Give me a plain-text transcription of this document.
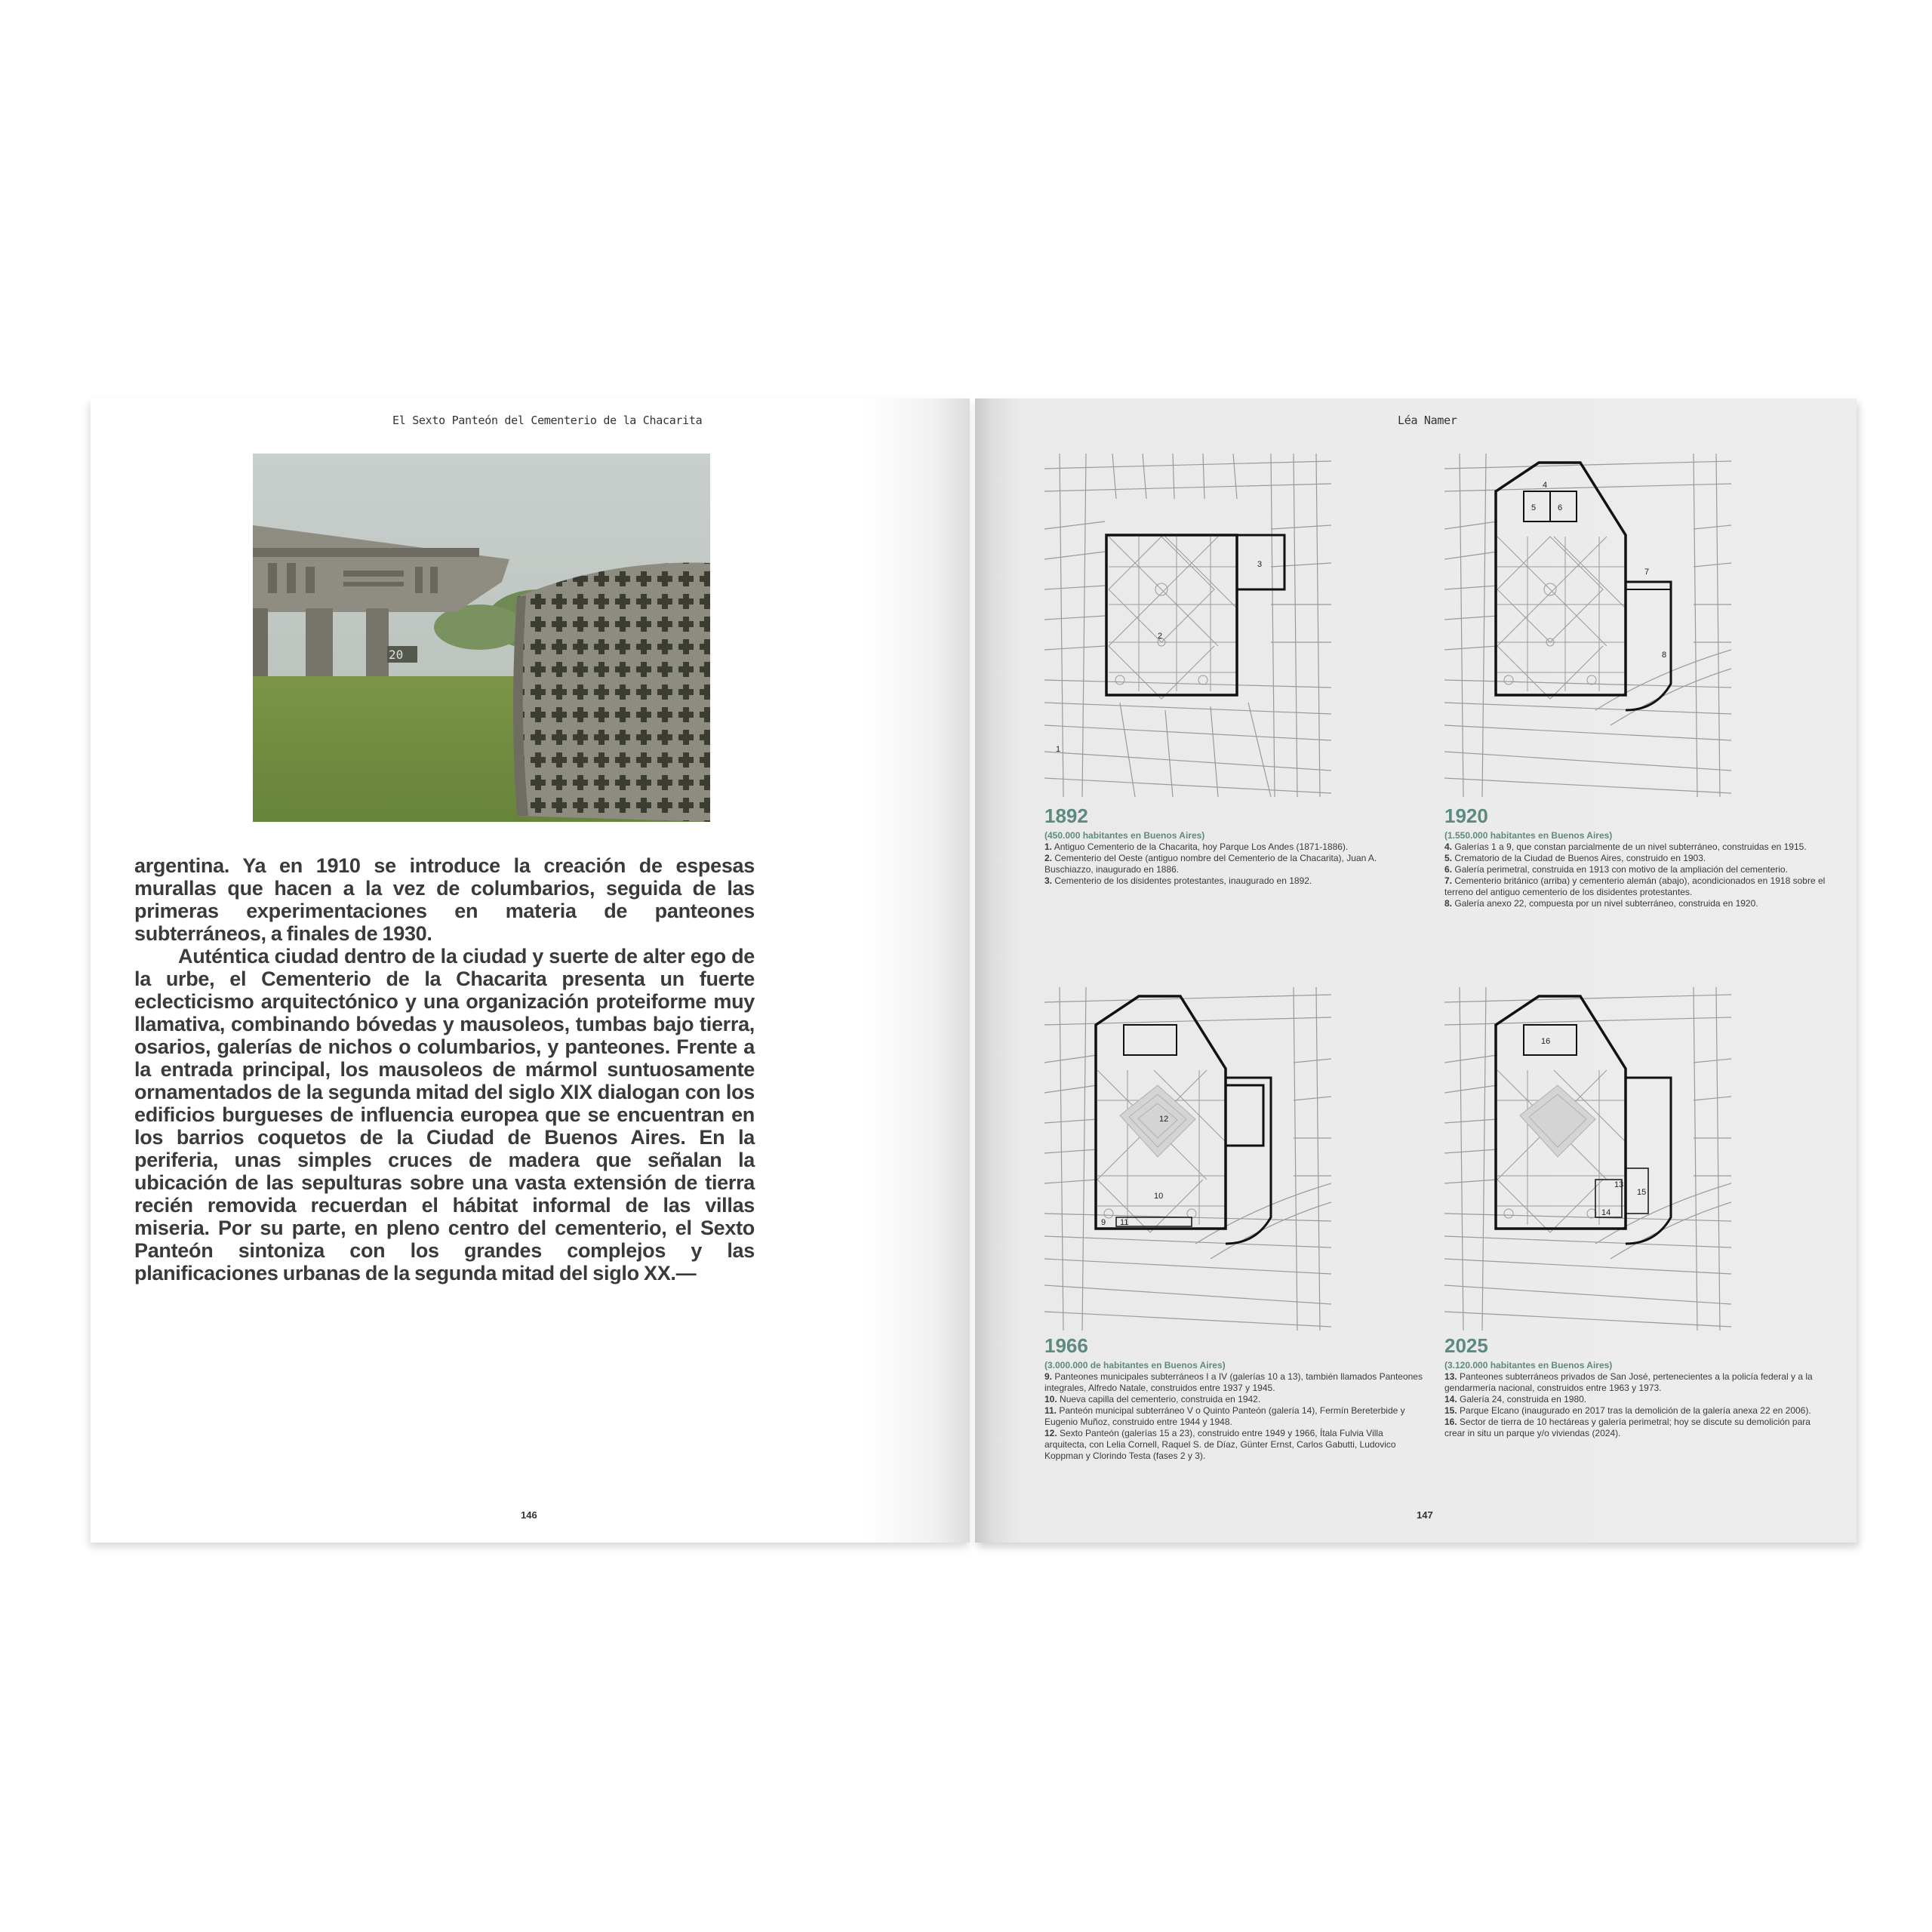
El Sexto Panteón del Cementerio de la Chacarita
20

argentina. Ya en 1910 se introduce la creación de espesas murallas que hacen a la vez de columbarios, seguida de las primeras experimentaciones en materia de panteones subterráneos, a finales de 1930.

Auténtica ciudad dentro de la ciudad y suerte de alter ego de la urbe, el Cementerio de la Chacarita presenta un fuerte eclecticismo arquitectónico y una organización proteiforme muy llamativa, combinando bóvedas y mausoleos, tumbas bajo tierra, osarios, galerías de nichos o columbarios, y panteones. Frente a la entrada principal, los mausoleos de mármol suntuosamente ornamentados de la segunda mitad del siglo XIX dialogan con los edificios burgueses de influencia europea que se encuentran en los barrios coquetos de la Ciudad de Buenos Aires. En la periferia, unas simples cruces de madera que señalan la ubicación de las sepulturas sobre una vasta extensión de tierra recién removida recuerdan el hábitat informal de las villas miseria. Por su parte, en pleno centro del cementerio, el Sexto Panteón sintoniza con los grandes complejos y las planificaciones urbanas de la segunda mitad del siglo XX.—

146
Léa Namer
1
2
3
1892
(450.000 habitantes en Buenos Aires)
1. Antiguo Cementerio de la Chacarita, hoy Parque Los Andes (1871-1886).
2. Cementerio del Oeste (antiguo nombre del Cementerio de la Chacarita), Juan A. Buschiazzo, inaugurado en 1886.
3. Cementerio de los disidentes protestantes, inaugurado en 1892.
4
5	6
7
8
1920
(1.550.000 habitantes en Buenos Aires)
4. Galerías 1 a 9, que constan parcialmente de un nivel subterráneo, construidas en 1915.
5. Crematorio de la Ciudad de Buenos Aires, construido en 1903.
6. Galería perimetral, construida en 1913 con motivo de la ampliación del cementerio.
7. Cementerio británico (arriba) y cementerio alemán (abajo), acondicionados en 1918 sobre el terreno del antiguo cementerio de los disidentes protestantes.
8. Galería anexo 22, compuesta por un nivel subterráneo, construida en 1920.
9
10
11
12
1966
(3.000.000 de habitantes en Buenos Aires)
9. Panteones municipales subterráneos I a IV (galerías 10 a 13), también llamados Panteones integrales, Alfredo Natale, construidos entre 1937 y 1945.
10. Nueva capilla del cementerio, construida en 1942.
11. Panteón municipal subterráneo V o Quinto Panteón (galería 14), Fermín Bereterbide y Eugenio Muñoz, construido entre 1944 y 1948.
12. Sexto Panteón (galerías 15 a 23), construido entre 1949 y 1966, Ítala Fulvia Villa arquitecta, con Lelia Cornell, Raquel S. de Díaz, Günter Ernst, Carlos Gabutti, Ludovico Koppman y Clorindo Testa (fases 2 y 3).
13
14
15
16
2025
(3.120.000 habitantes en Buenos Aires)
13. Panteones subterráneos privados de San José, pertenecientes a la policía federal y a la gendarmería nacional, construidos entre 1963 y 1973.
14. Galería 24, construida en 1980.
15. Parque Elcano (inaugurado en 2017 tras la demolición de la galería anexa 22 en 2006).
16. Sector de tierra de 10 hectáreas y galería perimetral; hoy se discute su demolición para crear in situ un parque y/o viviendas (2024).
147
